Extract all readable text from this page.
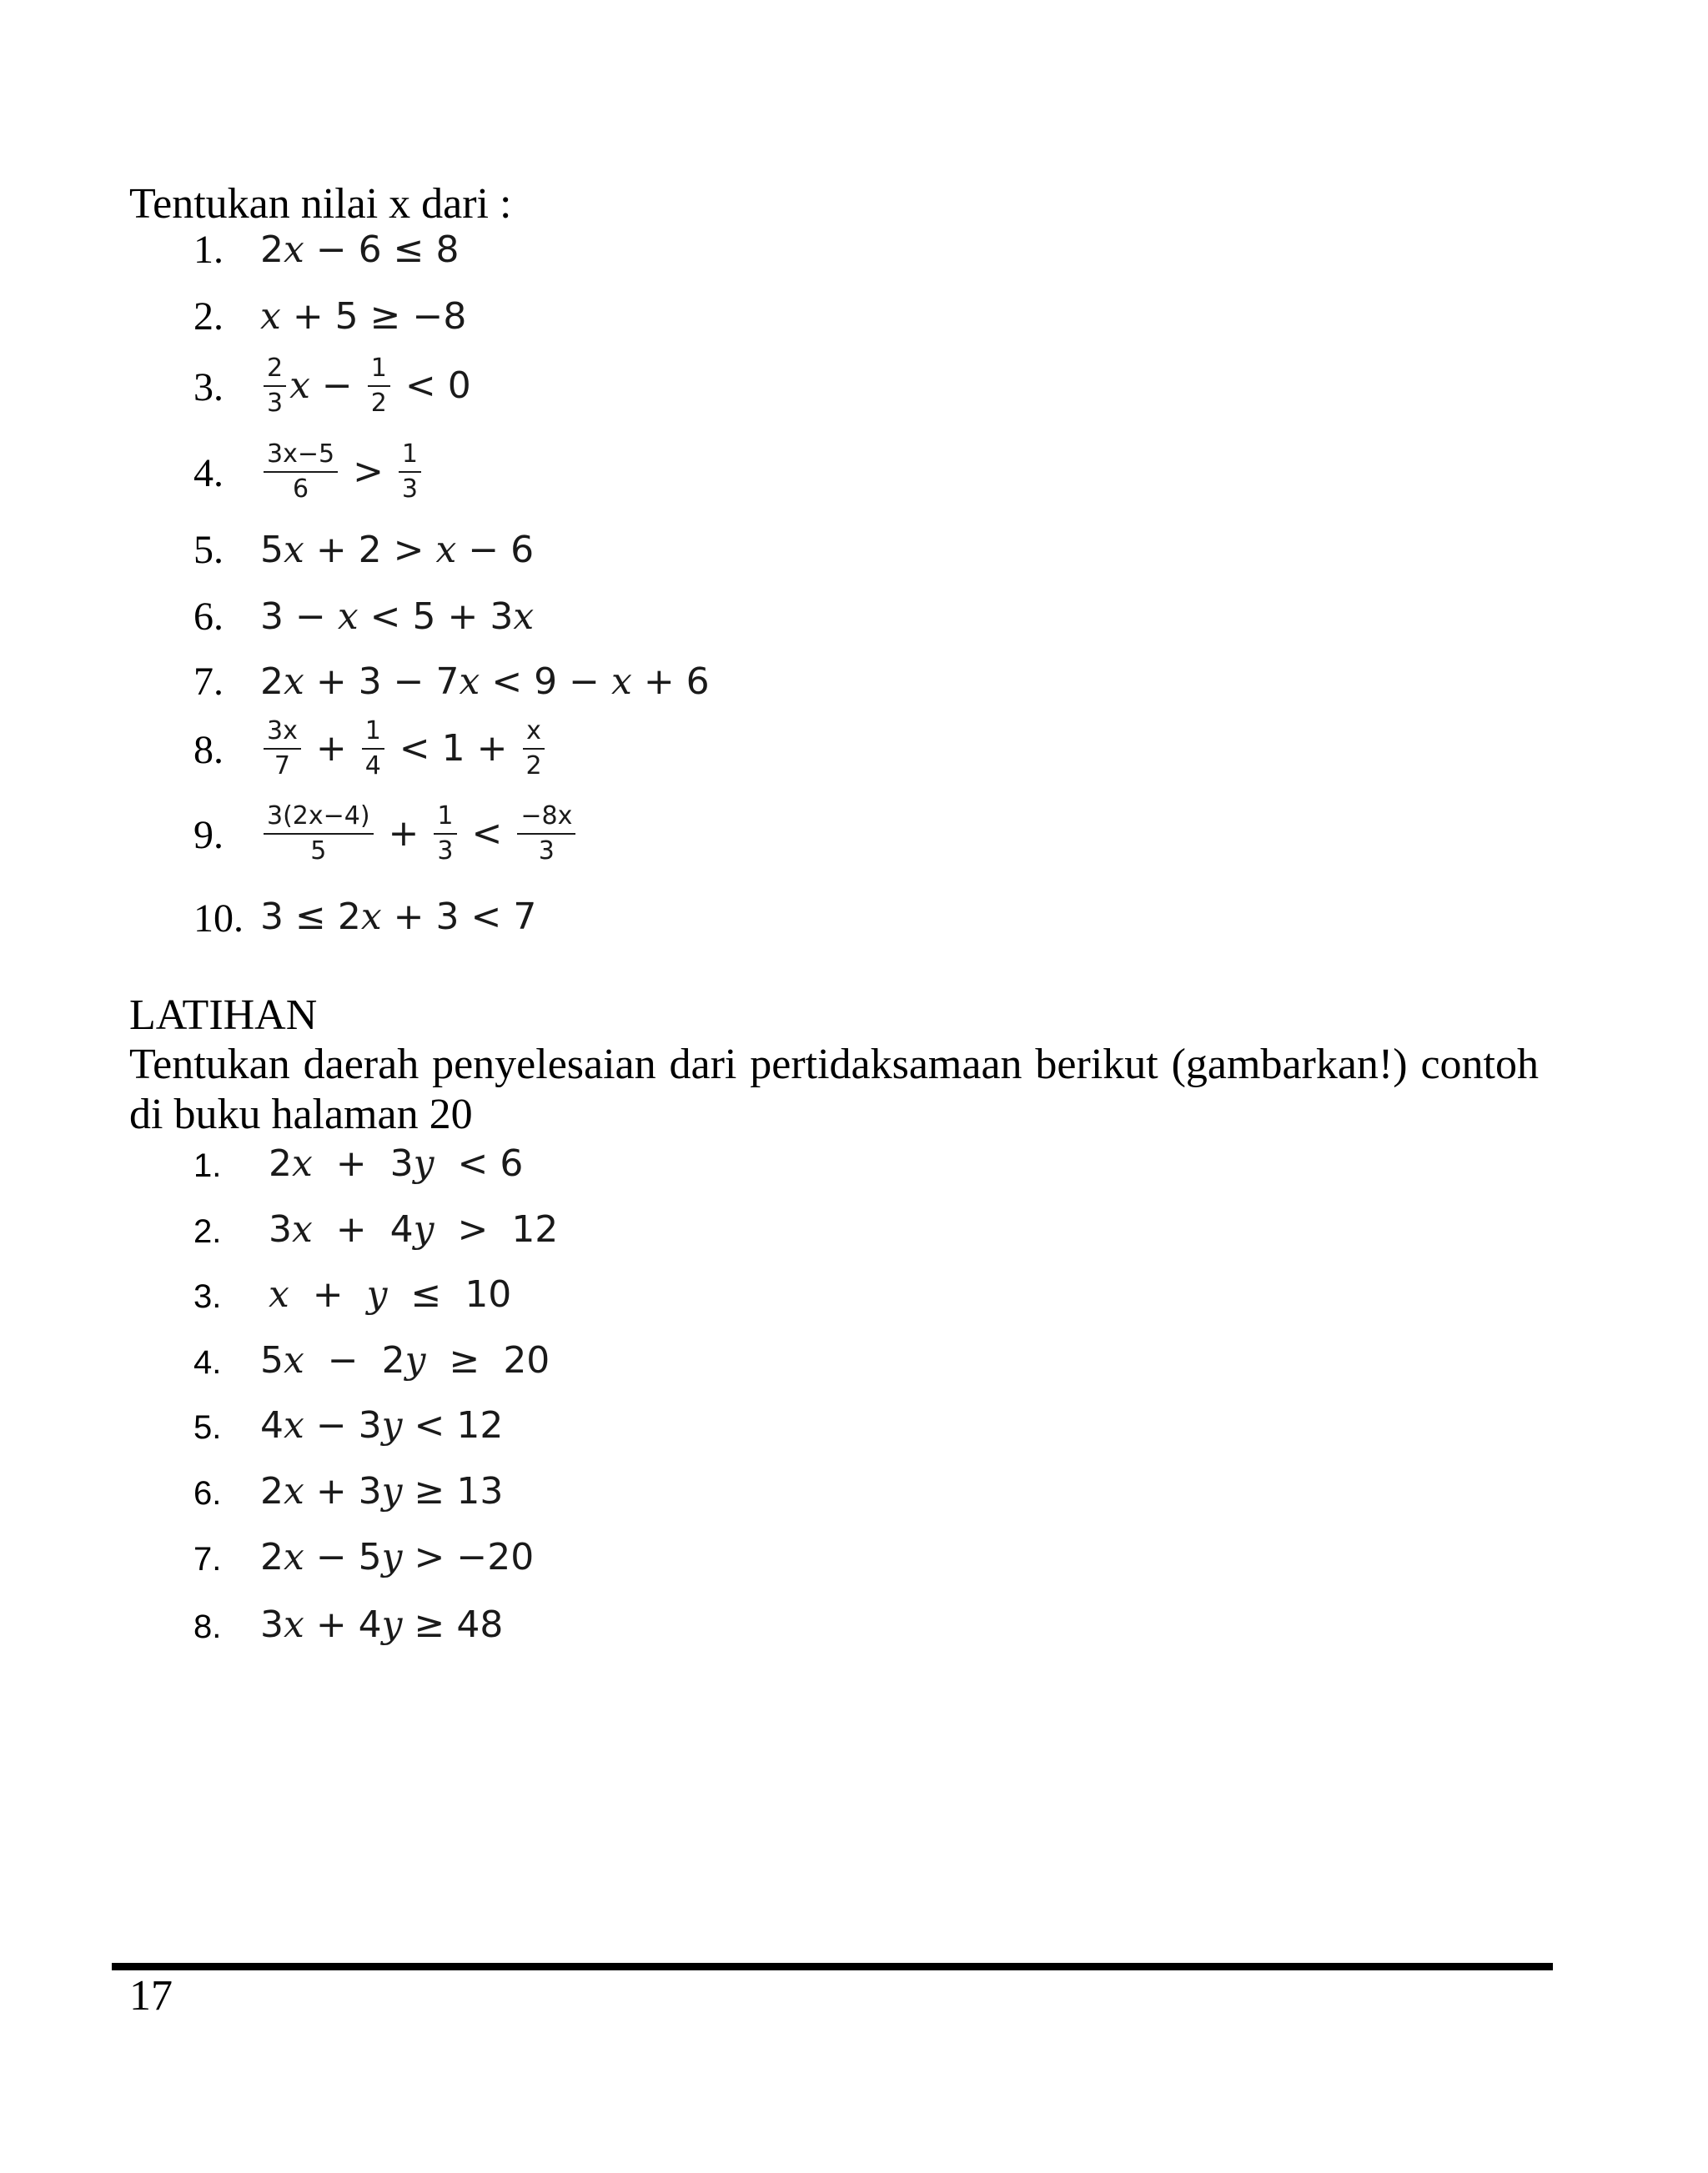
Tentukan nilai x dari :
1. 2 x − 6 ≤ 8
2. x + 5 ≥ −8
3. $\frac{2}{3}$ $x - \frac{1}{2} < 0$
4. $\frac{3x-5}{6} > \frac{1}{3}$
5. 5 x + 2 > x − 6
6. 3 − x < 5 + 3 x
7. 2 x + 3 − 7 x < 9 − x + 6
8. $\frac{3x}{7} + \frac{1}{4} < 1 + \frac{x}{2}$
9. $\frac{3(2x-4)}{5} + \frac{1}{3} < \frac{-8x}{3}$
10. 3 ≤ 2 x + 3 < 7
LATIHAN
Tentukan daerah penyelesaian dari pertidaksamaan berikut (gambarkan!) contoh di buku halaman 20
1. 2 x +  3 y < 6
2. 3 x +  4 y >  12
3. x + y ≤  10
4. 5 x −  2 y ≥  20
5. 4 x − 3 y < 12
6. 2 x + 3 y ≥ 13
7. 2 x − 5 y > −20
8. 3 x + 4 y ≥ 48
17
